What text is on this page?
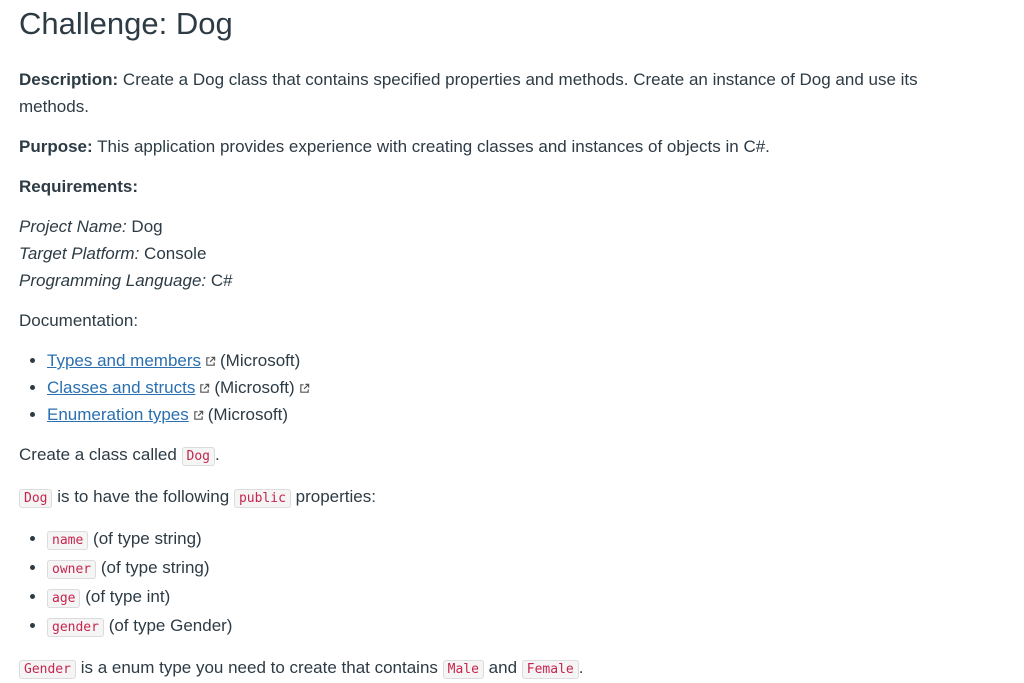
Challenge: Dog

Description: Create a Dog class that contains specified properties and methods. Create an instance of Dog and use its methods.

Purpose: This application provides experience with creating classes and instances of objects in C#.

Requirements:

Project Name: Dog
Target Platform: Console
Programming Language: C#

Documentation:

• Types and members (Microsoft)
• Classes and structs (Microsoft)
• Enumeration types (Microsoft)

Create a class called Dog .

Dog is to have the following public properties:

• name (of type string)
• owner (of type string)
• age (of type int)
• gender (of type Gender)

Gender is a enum type you need to create that contains Male and Female .
